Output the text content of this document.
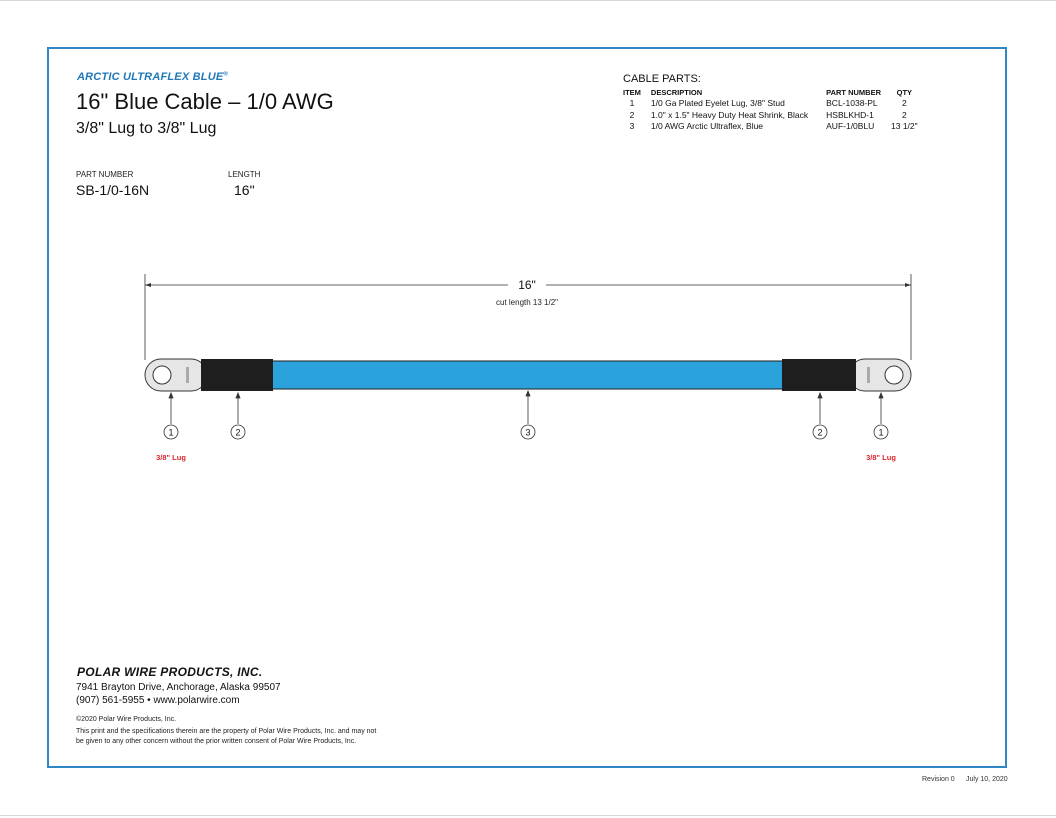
ARCTIC ULTRAFLEX BLUE®
16" Blue Cable – 1/0 AWG
3/8" Lug to 3/8" Lug
PART NUMBER
SB-1/0-16N
LENGTH
16"
CABLE PARTS:
ITEM	DESCRIPTION	PART NUMBER	QTY
1	1/0 Ga Plated Eyelet Lug, 3/8" Stud	BCL-1038-PL	2
2	1.0" x 1.5" Heavy Duty Heat Shrink, Black	HSBLKHD-1	2
3	1/0 AWG Arctic Ultraflex, Blue	AUF-1/0BLU	13 1/2"
16"
cut length 13 1/2"
1	2	3	2	1
3/8" Lug	3/8" Lug
POLAR WIRE PRODUCTS, INC.
7941 Brayton Drive, Anchorage, Alaska 99507
(907) 561-5955 • www.polarwire.com
©2020 Polar Wire Products, Inc.
This print and the specifications therein are the property of Polar Wire Products, Inc. and may not
be given to any other concern without the prior written consent of Polar Wire Products, Inc.
Revision 0 July 10, 2020
